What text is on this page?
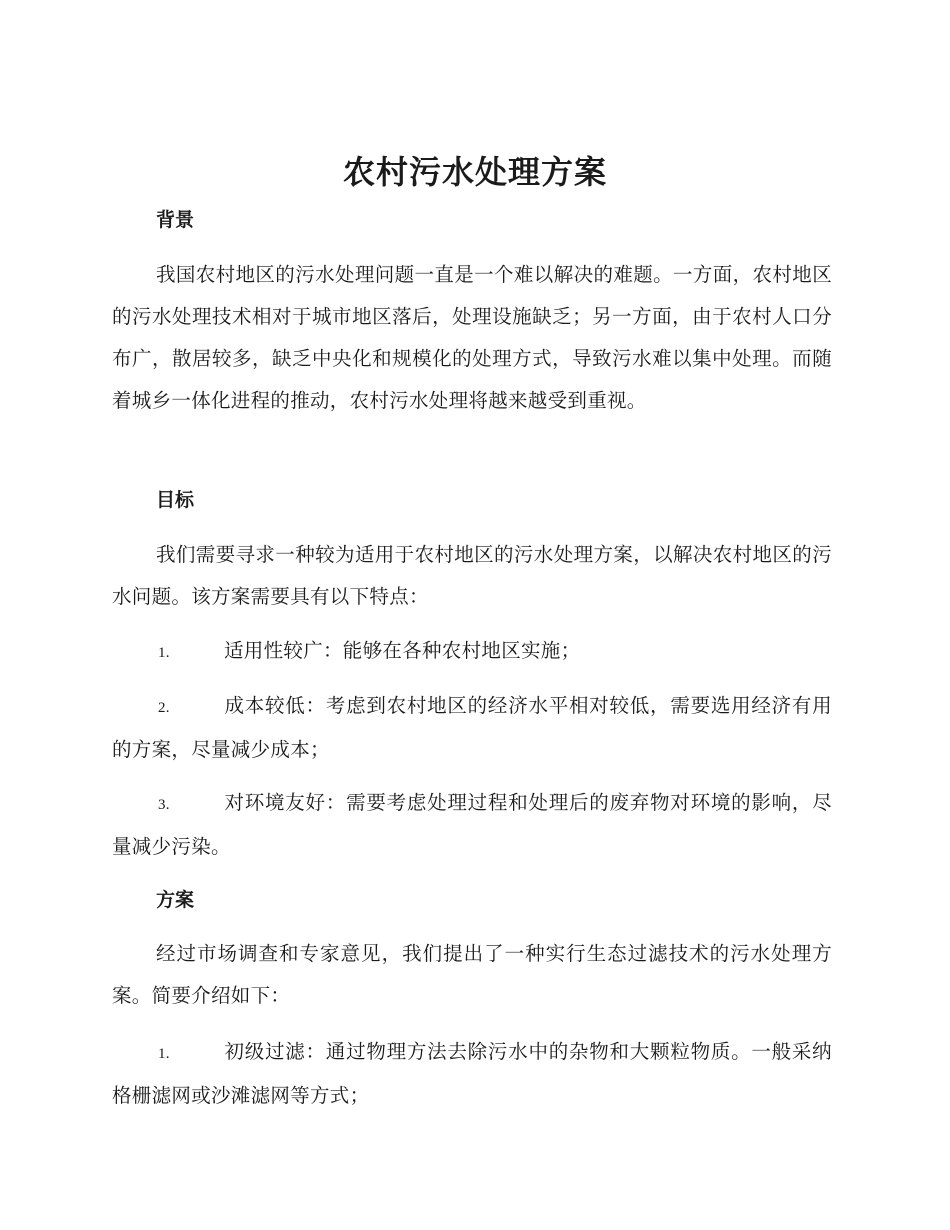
农村污水处理方案
背景

我国农村地区的污水处理问题一直是一个难以解决的难题。一方面，农村地区的污水处理技术相对于城市地区落后，处理设施缺乏；另一方面，由于农村人口分布广，散居较多，缺乏中央化和规模化的处理方式，导致污水难以集中处理。而随着城乡一体化进程的推动，农村污水处理将越来越受到重视。

目标

我们需要寻求一种较为适用于农村地区的污水处理方案，以解决农村地区的污水问题。该方案需要具有以下特点：

1.	适用性较广：能够在各种农村地区实施；

2.	成本较低：考虑到农村地区的经济水平相对较低，需要选用经济有用的方案，尽量减少成本；

3.	对环境友好：需要考虑处理过程和处理后的废弃物对环境的影响，尽量减少污染。

方案

经过市场调查和专家意见，我们提出了一种实行生态过滤技术的污水处理方案。简要介绍如下：

1.	初级过滤：通过物理方法去除污水中的杂物和大颗粒物质。一般采纳格栅滤网或沙滩滤网等方式；
